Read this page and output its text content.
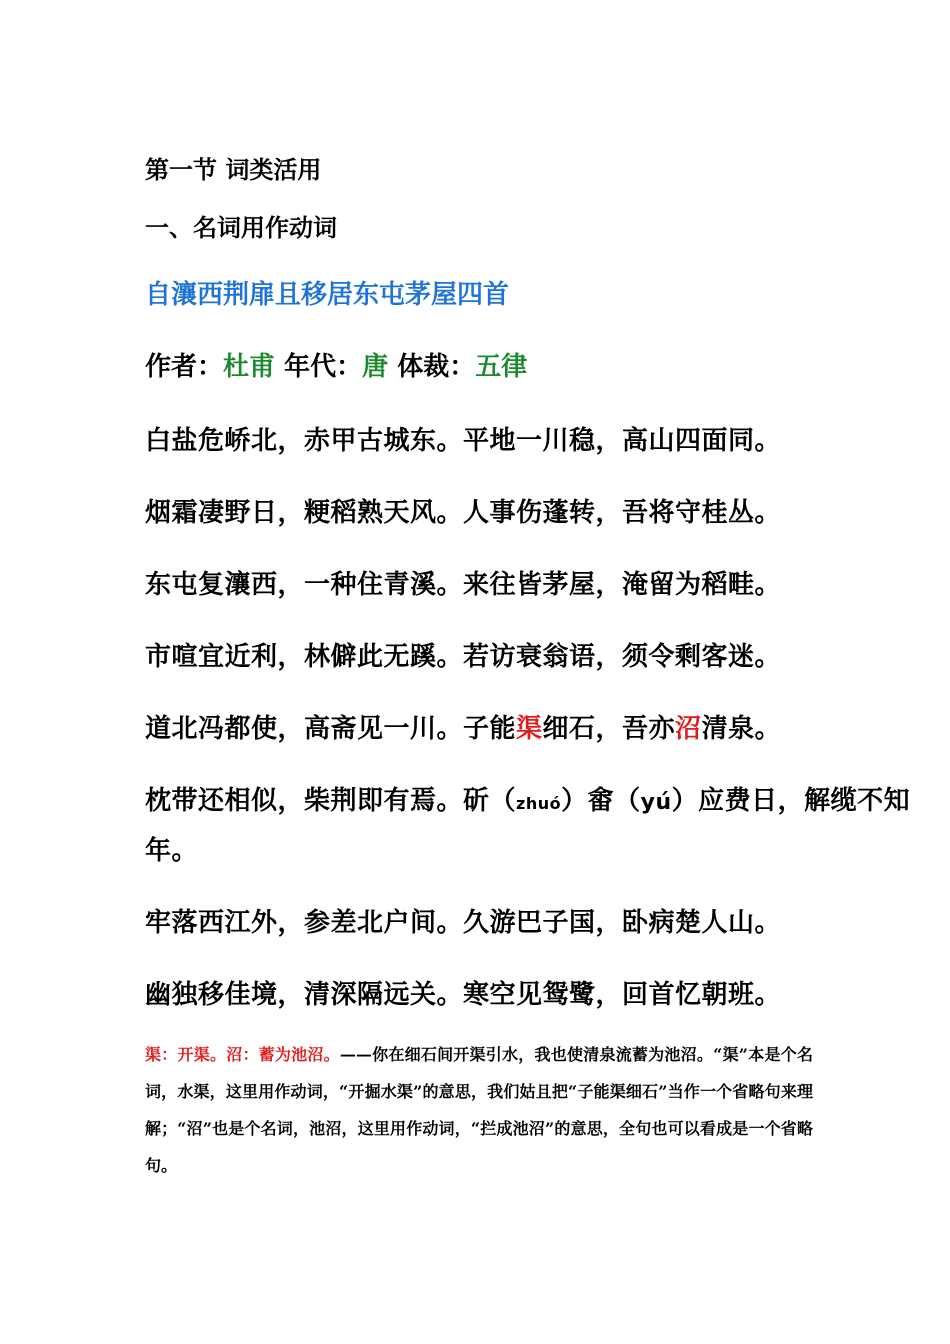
第一节 词类活用
一、名词用作动词
自瀼西荆扉且移居东屯茅屋四首
作者：杜甫 年代：唐 体裁：五律
白盐危峤北，赤甲古城东。平地一川稳，高山四面同。
烟霜凄野日，粳稻熟天风。人事伤蓬转，吾将守桂丛。
东屯复瀼西，一种住青溪。来往皆茅屋，淹留为稻畦。
市喧宜近利，林僻此无蹊。若访衰翁语，须令剩客迷。
道北冯都使，高斋见一川。子能渠细石，吾亦沼清泉。
枕带还相似，柴荆即有焉。斫（zhuó）畬（yú）应费日，解缆不知
年。
牢落西江外，参差北户间。久游巴子国，卧病楚人山。
幽独移佳境，清深隔远关。寒空见鸳鹭，回首忆朝班。
渠：开渠。沼：蓄为池沼。——你在细石间开渠引水，我也使清泉流蓄为池沼。“渠”本是个名词，水渠，这里用作动词，“开掘水渠”的意思，我们姑且把“子能渠细石”当作一个省略句来理解；“沼”也是个名词，池沼，这里用作动词，“拦成池沼”的意思，全句也可以看成是一个省略句。
